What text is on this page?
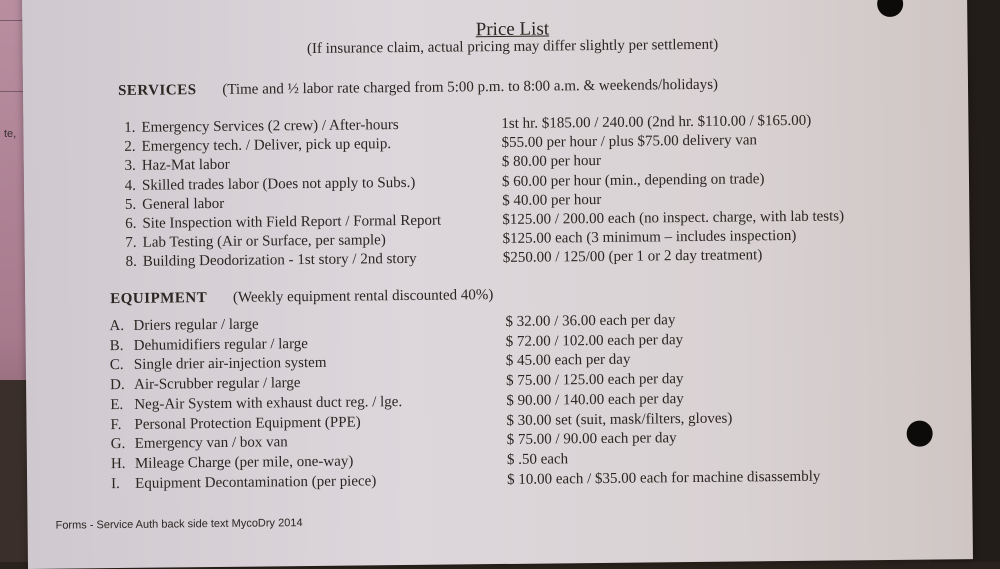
te,
Price List
(If insurance claim, actual pricing may differ slightly per settlement)
SERVICES (Time and ½ labor rate charged from 5:00 p.m. to 8:00 a.m. & weekends/holidays)
1. Emergency Services (2 crew) / After-hours	1st hr. $185.00 / 240.00 (2nd hr. $110.00 / $165.00)
2. Emergency tech. / Deliver, pick up equip.	$55.00 per hour / plus $75.00 delivery van
3. Haz-Mat labor	$ 80.00 per hour
4. Skilled trades labor (Does not apply to Subs.)	$ 60.00 per hour (min., depending on trade)
5. General labor	$ 40.00 per hour
6. Site Inspection with Field Report / Formal Report	$125.00 / 200.00 each (no inspect. charge, with lab tests)
7. Lab Testing (Air or Surface, per sample)	$125.00 each (3 minimum – includes inspection)
8. Building Deodorization - 1st story / 2nd story	$250.00 / 125/00 (per 1 or 2 day treatment)
EQUIPMENT (Weekly equipment rental discounted 40%)
A. Driers regular / large	$ 32.00 / 36.00 each per day
B. Dehumidifiers regular / large	$ 72.00 / 102.00 each per day
C. Single drier air-injection system	$ 45.00 each per day
D. Air-Scrubber regular / large	$ 75.00 / 125.00 each per day
E. Neg-Air System with exhaust duct reg. / lge.	$ 90.00 / 140.00 each per day
F. Personal Protection Equipment (PPE)	$ 30.00 set (suit, mask/filters, gloves)
G. Emergency van / box van	$ 75.00 / 90.00 each per day
H. Mileage Charge (per mile, one-way)	$ .50 each
I. Equipment Decontamination (per piece)	$ 10.00 each / $35.00 each for machine disassembly
Forms - Service Auth back side text MycoDry 2014
